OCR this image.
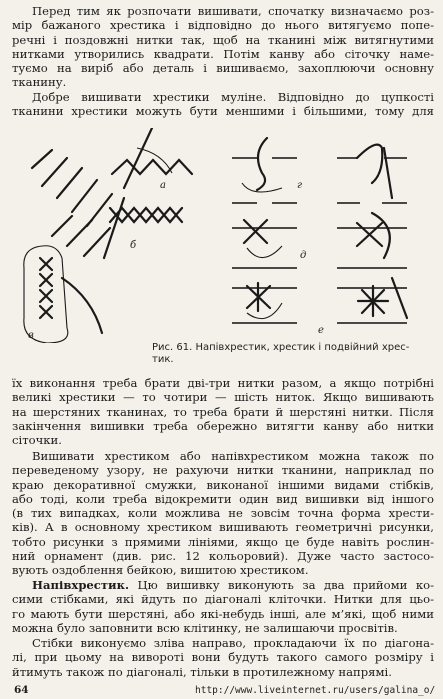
Перед тим як розпочати вишивати, спочатку визначаємо роз-
мір бажаного хрестика і відповідно до нього витягуємо попе-
речні і поздовжні нитки так, щоб на тканині між витягнутими
нитками утворились квадрати. Потім канву або сіточку наме-
туємо на виріб або деталь і вишиваємо, захоплюючи основну
тканину.

Добре вишивати хрестики муліне. Відповідно до цупкості
тканини хрестики можуть бути меншими і більшими, тому для

а
б
в
г
д
е
Рис. 61. Напівхрестик, хрестик і подвійний хрес-
тик.

їх виконання треба брати дві-три нитки разом, а якщо потрібні
великі хрестики — то чотири — шість ниток. Якщо вишивають
на шерстяних тканинах, то треба брати й шерстяні нитки. Після
закінчення вишивки треба обережно витягти канву або нитки
сіточки.

Вишивати хрестиком або напівхрестиком можна також по
переведеному узору, не рахуючи нитки тканини, наприклад по
краю декоративної смужки, виконаної іншими видами стібків,
або тоді, коли треба відокремити один вид вишивки від іншого
(в тих випадках, коли можлива не зовсім точна форма хрести-
ків). А в основному хрестиком вишивають геометричні рисунки,
тобто рисунки з прямими лініями, якщо це буде навіть рослин-
ний орнамент (див. рис. 12 кольоровий). Дуже часто застосо-
вують оздоблення бейкою, вишитою хрестиком.

Напівхрестик. Цю вишивку виконують за два прийоми ко-
сими стібками, які йдуть по діагоналі кліточки. Нитки для цьо-
го мають бути шерстяні, або які-небудь інші, але м’які, щоб ними
можна було заповнити всю клітинку, не залишаючи просвітів.

Стібки виконуємо зліва направо, прокладаючи їх по діагона-
лі, при цьому на вивороті вони будуть такого самого розміру і
йтимуть також по діагоналі, тільки в протилежному напрямі.

64	http://www.liveinternet.ru/users/galina_o/
